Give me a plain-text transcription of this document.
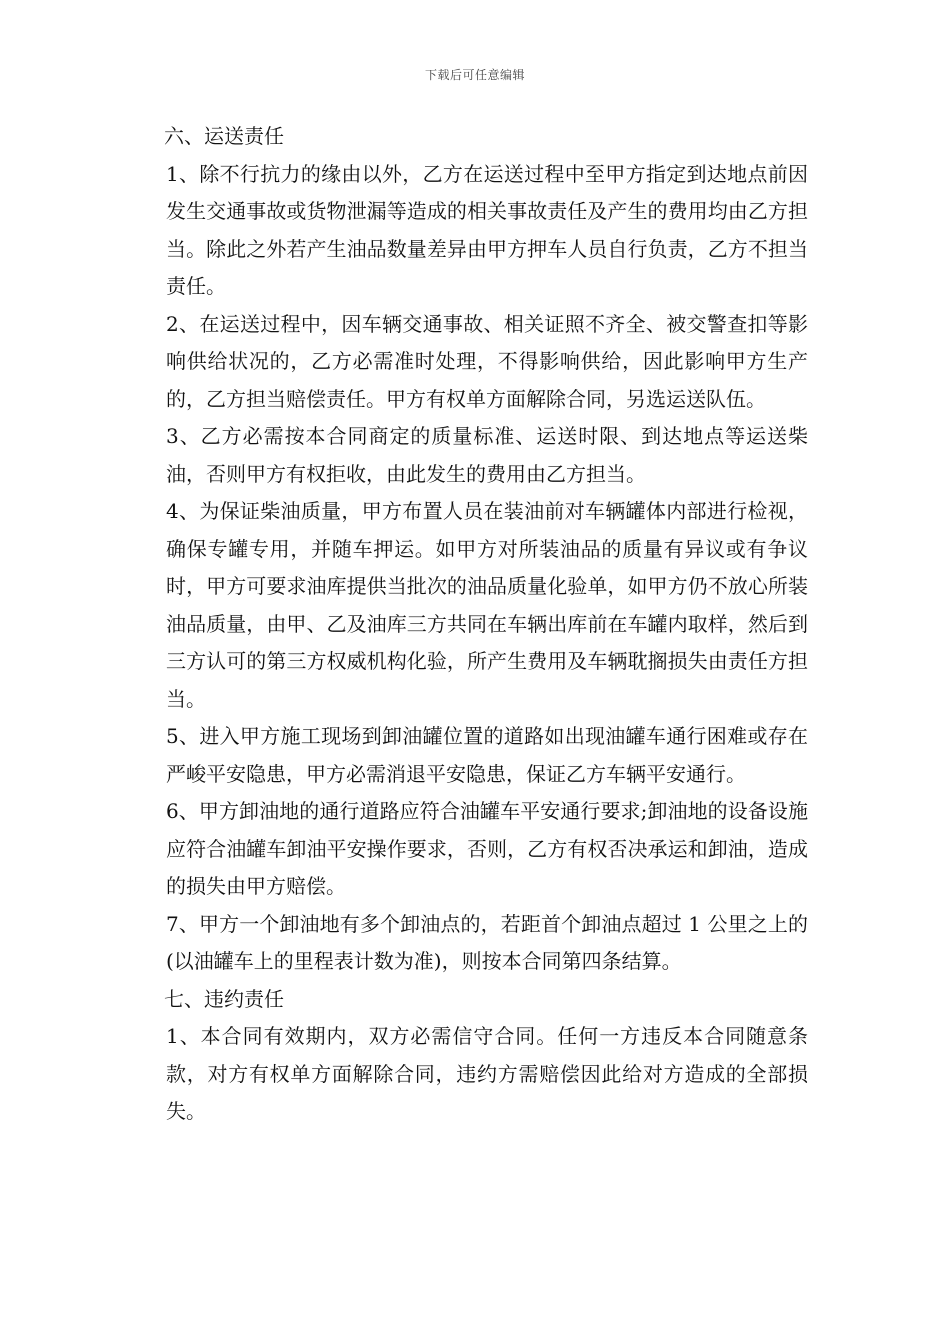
下载后可任意编辑

六、运送责任

1、除不行抗力的缘由以外，乙方在运送过程中至甲方指定到达地点前因发生交通事故或货物泄漏等造成的相关事故责任及产生的费用均由乙方担当。除此之外若产生油品数量差异由甲方押车人员自行负责，乙方不担当责任。

2、在运送过程中，因车辆交通事故、相关证照不齐全、被交警查扣等影响供给状况的，乙方必需准时处理，不得影响供给，因此影响甲方生产的，乙方担当赔偿责任。甲方有权单方面解除合同，另选运送队伍。

3、乙方必需按本合同商定的质量标准、运送时限、到达地点等运送柴油，否则甲方有权拒收，由此发生的费用由乙方担当。

4、为保证柴油质量，甲方布置人员在装油前对车辆罐体内部进行检视，确保专罐专用，并随车押运。如甲方对所装油品的质量有异议或有争议时，甲方可要求油库提供当批次的油品质量化验单，如甲方仍不放心所装油品质量，由甲、乙及油库三方共同在车辆出库前在车罐内取样，然后到三方认可的第三方权威机构化验，所产生费用及车辆耽搁损失由责任方担当。

5、进入甲方施工现场到卸油罐位置的道路如出现油罐车通行困难或存在严峻平安隐患，甲方必需消退平安隐患，保证乙方车辆平安通行。

6、甲方卸油地的通行道路应符合油罐车平安通行要求;卸油地的设备设施应符合油罐车卸油平安操作要求，否则，乙方有权否决承运和卸油，造成的损失由甲方赔偿。

7、甲方一个卸油地有多个卸油点的，若距首个卸油点超过 1 公里之上的(以油罐车上的里程表计数为准)，则按本合同第四条结算。

七、违约责任

1、本合同有效期内，双方必需信守合同。任何一方违反本合同随意条款，对方有权单方面解除合同，违约方需赔偿因此给对方造成的全部损失。
